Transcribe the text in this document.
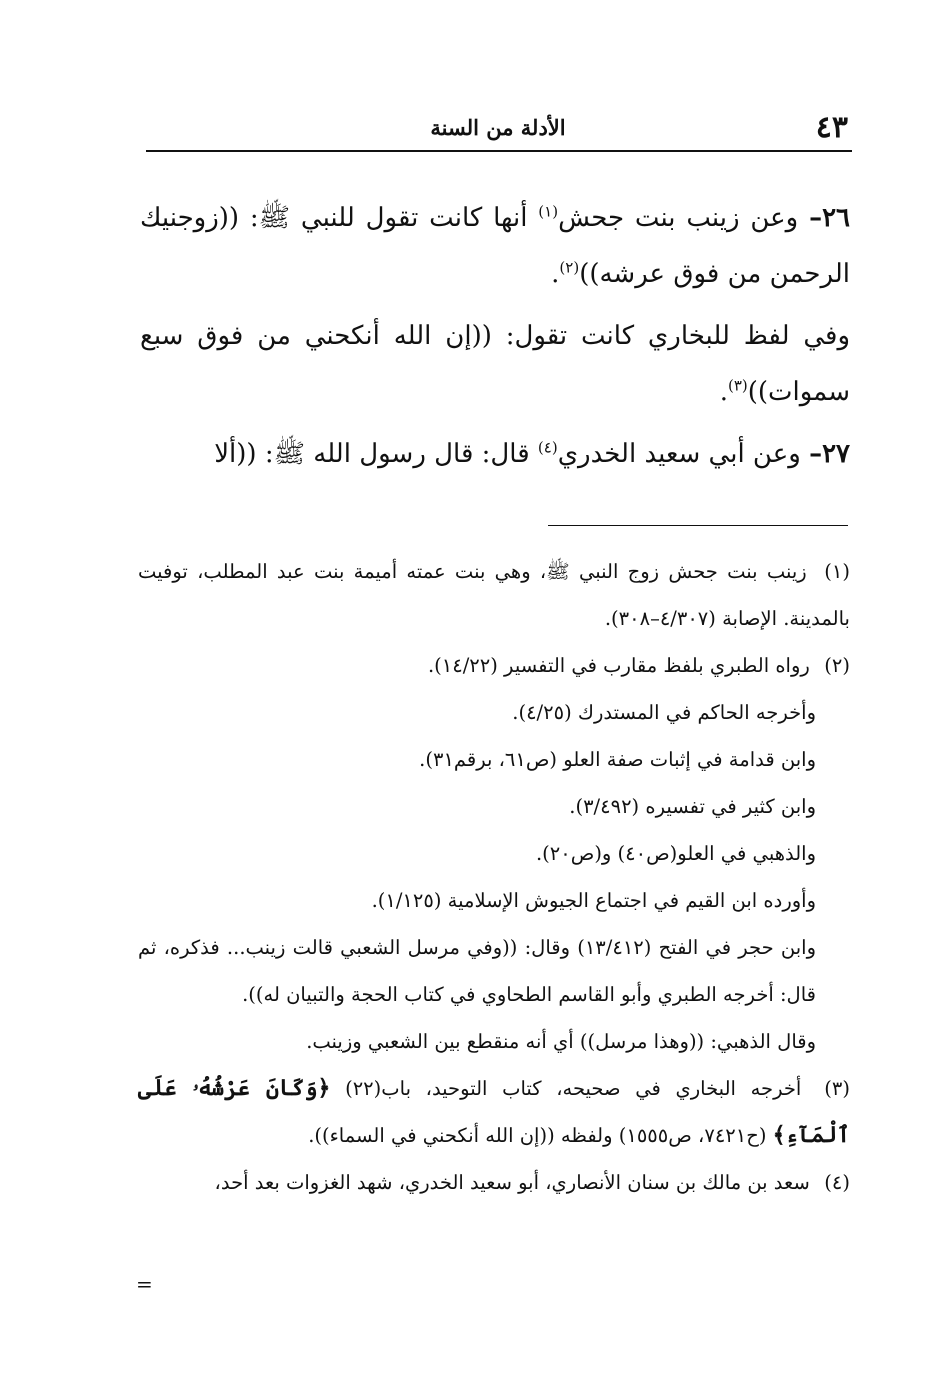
٤٣
الأدلة من السنة

٢٦– وعن زينب بنت جحش$^{(١)}$ أنها كانت تقول للنبي ﷺ: ((زوجنيك الرحمن من فوق عرشه))$^{(٢)}$.

وفي لفظ للبخاري كانت تقول: ((إن الله أنكحني من فوق سبع سموات))$^{(٣)}$.

٢٧– وعن أبي سعيد الخدري$^{(٤)}$ قال: قال رسول الله ﷺ: ((ألا

(١) زينب بنت جحش زوج النبي ﷺ، وهي بنت عمته أميمة بنت عبد المطلب، توفيت بالمدينة. الإصابة (٤/٣٠٧–٣٠٨).

(٢) رواه الطبري بلفظ مقارب في التفسير (١٤/٢٢).

وأخرجه الحاكم في المستدرك (٤/٢٥).

وابن قدامة في إثبات صفة العلو (ص٦١، برقم٣١).

وابن كثير في تفسيره (٣/٤٩٢).

والذهبي في العلو(ص٤٠) و(ص٢٠).

وأورده ابن القيم في اجتماع الجيوش الإسلامية (١/١٢٥).

وابن حجر في الفتح (١٣/٤١٢) وقال: ((وفي مرسل الشعبي قالت زينب... فذكره، ثم قال: أخرجه الطبري وأبو القاسم الطحاوي في كتاب الحجة والتبيان له)).

وقال الذهبي: ((وهذا مرسل)) أي أنه منقطع بين الشعبي وزينب.

(٣) أخرجه البخاري في صحيحه، كتاب التوحيد، باب(٢٢) ﴿وَكَانَ عَرْشُهُۥ عَلَى ٱلْمَآءِ﴾ (ح٧٤٢١، ص١٥٥٥) ولفظه ((إن الله أنكحني في السماء)).

(٤) سعد بن مالك بن سنان الأنصاري، أبو سعيد الخدري، شهد الغزوات بعد أحد،

=
